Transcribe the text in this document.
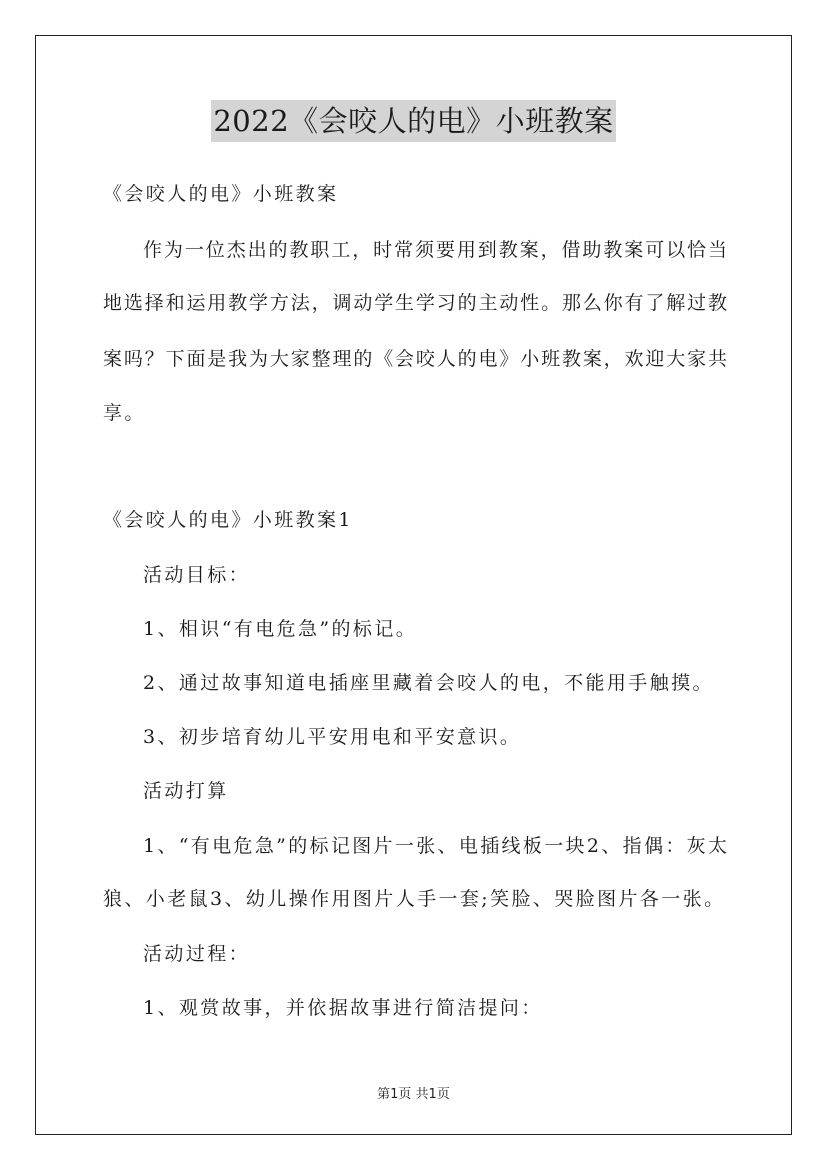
2022《会咬人的电》小班教案
《会咬人的电》小班教案
作为一位杰出的教职工，时常须要用到教案，借助教案可以恰当
地选择和运用教学方法，调动学生学习的主动性。那么你有了解过教
案吗？下面是我为大家整理的《会咬人的电》小班教案，欢迎大家共
享。
《会咬人的电》小班教案1
活动目标：
1、相识“有电危急”的标记。
2、通过故事知道电插座里藏着会咬人的电，不能用手触摸。
3、初步培育幼儿平安用电和平安意识。
活动打算
1、“有电危急”的标记图片一张、电插线板一块2、指偶：灰太
狼、小老鼠3、幼儿操作用图片人手一套;笑脸、哭脸图片各一张。
活动过程：
1、观赏故事，并依据故事进行简洁提问：
第1页 共1页
